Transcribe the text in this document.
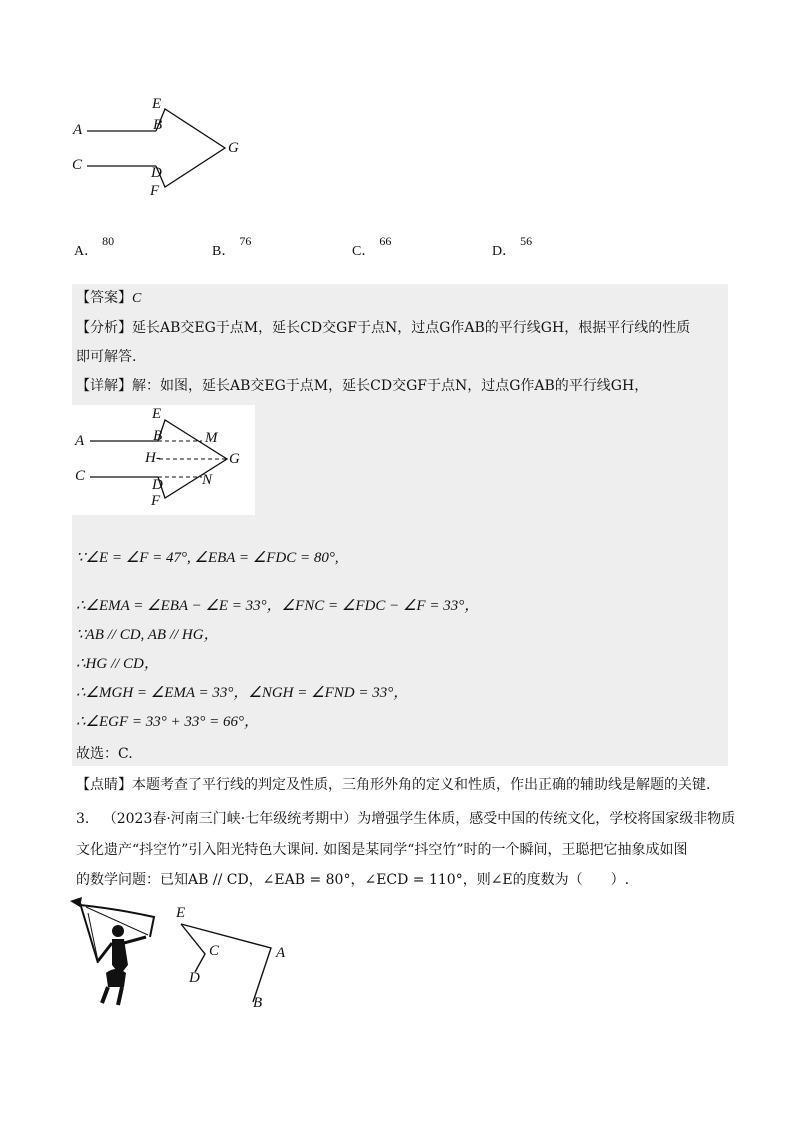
E
B
A
C	D
F
G
A．80
B．76
C．66
D．56
【答案】C
【分析】延长AB交EG于点M，延长CD交GF于点N，过点G作AB的平行线GH，根据平行线的性质
即可解答.
【详解】解：如图，延长AB交EG于点M，延长CD交GF于点N，过点G作AB的平行线GH，
E
B
A
C
H-
M
N
G
D
F
∵∠E = ∠F = 47°, ∠EBA = ∠FDC = 80°,
∴∠EMA = ∠EBA − ∠E = 33°，∠FNC = ∠FDC − ∠F = 33°，
∵AB // CD, AB // HG，
∴HG // CD，
∴∠MGH = ∠EMA = 33°，∠NGH = ∠FND = 33°，
∴∠EGF = 33° + 33° = 66°，
故选：C.
【点睛】本题考查了平行线的判定及性质，三角形外角的定义和性质，作出正确的辅助线是解题的关键.
3. （2023春·河南三门峡·七年级统考期中）为增强学生体质，感受中国的传统文化，学校将国家级非物质
文化遗产“抖空竹”引入阳光特色大课间. 如图是某同学“抖空竹”时的一个瞬间，王聪把它抽象成如图
的数学问题：已知AB // CD，∠EAB = 80°，∠ECD = 110°，则∠E的度数为（　　）.
E
C	A
D
B
